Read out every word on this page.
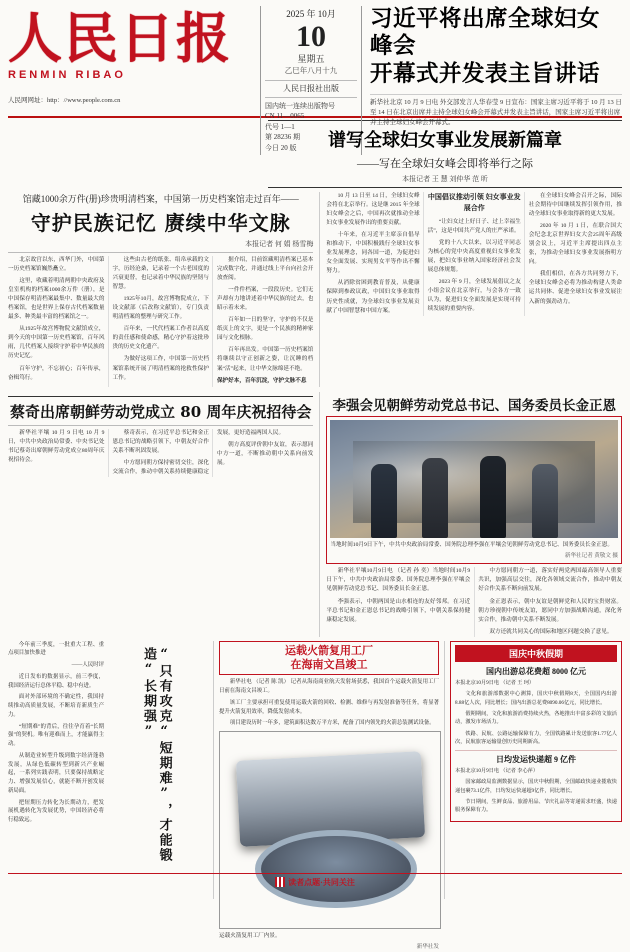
人民日报
RENMIN RIBAO
人民网网址：http：//www.people.com.cn
2025 年 10月
10
星期五
乙巳年八月十九
人民日报社出版
国内统一连续出版物号
CN 11—0065
代号 1—1
第 28236 期
今日 20 版
习近平将出席全球妇女峰会
开幕式并发表主旨讲话
新华社北京 10 月 9 日电 外交部发言人华春莹 9 日宣布：国家主席习近平将于 10 月 13 日至 14 日在北京出席并主持全球妇女峰会开幕式并发表主旨讲话，国家主席习近平将出席并主持全球妇女峰会开幕式。
谱写全球妇女事业发展新篇章
——写在全球妇女峰会即将举行之际
本报记者 王 慧 刘仲华 范 昕
馆藏1000余万件(册)珍贵明清档案，中国第一历史档案馆走过百年——
守护民族记忆 赓续中华文脉
本报记者 何 娟 杨雪梅

北京故宫以东，西华门外，中国第一历史档案馆巍然矗立。

这里，收藏着明清两朝中央政府及皇室机构的档案1000余万件（册），是中国保存明清档案最集中、数量最大的档案馆，也是世界上保存古代档案数量最多、种类最丰富的档案馆之一。

从1925年故宫博物院文献馆成立，到今天的中国第一历史档案馆，百年风雨，几代档案人接续守护着中华民族的历史记忆。

百年守护，不忘初心；百年传承，奋楫笃行。

这些由古老的纸张、绢帛承载的文字，历经沧桑，记录着一个古老国度的兴衰更替，也记录着中华民族的坚韧与智慧。

1925年10月，故宫博物院成立，下设文献部（后改称文献馆），专门负责明清档案的整理与研究工作。

百年来，一代代档案工作者以高度的责任感和使命感，精心守护着这批珍贵的历史文化遗产。

为做好这项工作，中国第一历史档案馆系统开展了明清档案的抢救性保护工作。

据介绍，目前馆藏明清档案已基本完成数字化，并通过线上平台向社会开放查阅。

一件件档案，一段段历史。它们无声却有力地讲述着中华民族的过去，也昭示着未来。

百年如一日的坚守，守护的不仅是纸页上的文字，更是一个民族的精神家园与文化根脉。

百年再出发。中国第一历史档案馆将继续以守正创新之姿，让沉睡的档案“活”起来，让中华文脉绵延不绝。

保护好本，百年沉淀，守护文脉不息

10 月 13 日至 14 日，全球妇女峰会将在北京举行。这是继 2015 年全球妇女峰会之后，中国再次就推动全球妇女事业发展作出的重要贡献。

十年来，在习近平主席亲自倡导和推动下，中国积极践行全球妇女事业发展理念，同各国一道，为促进妇女全面发展、实现男女平等作出不懈努力。

从消除贫困到教育普及，从健康保障到参政议政，中国妇女事业取得历史性成就，为全球妇女事业发展贡献了中国智慧和中国方案。

中国倡议推动引领 妇女事业发展合作

“让妇女过上好日子、过上幸福生活”，这是中国共产党人的庄严承诺。

党的十八大以来，以习近平同志为核心的党中央高度重视妇女事业发展，把妇女事业纳入国家经济社会发展总体规划。

2023 年 9 月，全球发展倡议之友小组会议在北京举行，与会各方一致认为，促进妇女全面发展是实现可持续发展的重要内容。

在全球妇女峰会召开之际，国际社会期待中国继续发挥引领作用，推动全球妇女事业取得新的更大发展。

2020 年 10 月 1 日，在联合国大会纪念北京世界妇女大会25周年高级别会议上，习近平主席提出四点主张，为推动全球妇女事业发展指明方向。

我们相信，在各方共同努力下，全球妇女峰会必将为推动构建人类命运共同体、促进全球妇女事业发展注入新的强劲动力。

蔡奇出席朝鲜劳动党成立 80 周年庆祝招待会

新华社平壤 10 月 9 日电 10 月 9 日，中共中央政治局常委、中央书记处书记蔡奇出席朝鲜劳动党成立80周年庆祝招待会。

蔡奇表示，在习近平总书记和金正恩总书记的战略引领下，中朝友好合作关系不断巩固发展。

中方愿同朝方保持密切交往，深化交流合作，推动中朝关系持续健康稳定发展，更好造福两国人民。

朝方高度评价朝中友谊，表示愿同中方一道，不断推动朝中关系向前发展。

李强会见朝鲜劳动党总书记、国务委员长金正恩
当地时间10月9日下午，中共中央政治局常委、国务院总理李强在平壤会见朝鲜劳动党总书记、国务委员长金正恩。
新华社记者 黄敬文 摄

新华社平壤10月9日电 （记者 孙 奕）当地时间10月9日下午，中共中央政治局常委、国务院总理李强在平壤会见朝鲜劳动党总书记、国务委员长金正恩。

李强表示，中朝两国是山水相连的友好邻邦。在习近平总书记和金正恩总书记的战略引领下，中朝关系保持健康稳定发展。

中方愿同朝方一道，落实好两党两国最高领导人重要共识，加强高层交往，深化各领域交流合作，推动中朝友好合作关系不断向前发展。

金正恩表示，朝中友谊是朝鲜党和人民的宝贵财富。朝方珍视朝中传统友谊，愿同中方加强战略沟通，深化务实合作，推动朝中关系不断发展。

双方还就共同关心的国际和地区问题交换了意见。

今年前三季度，一批重大工程、重点项目加快推进

——人民时评

近日发布的数据显示，前三季度，我国经济运行总体平稳、稳中有进。

面对外部环境的不确定性，我国持续推动高质量发展，不断培育新质生产力。

“短期难”的背后，往往孕育着“长期强”的契机。唯有迎难而上，才能赢得主动。

从制造业转型升级到数字经济蓬勃发展，从绿色低碳转型到新兴产业崛起，一系列实践表明，只要保持战略定力、增强发展信心，就能不断开创发展新局面。

把短期压力转化为长期动力，把发展机遇转化为发展优势，中国经济必将行稳致远。	“只有攻克“短期难”，才能锻造“长期强”	运载火箭复用工厂
在海南文昌竣工

新华社电 （记者 陈 凯） 记者从海南商业航天发射场获悉，我国首个运载火箭复用工厂日前在海南文昌竣工。

该工厂主要承担可重复使用运载火箭的回收、检测、维修与再发射准备等任务，将显著提升火箭复用效率，降低发射成本。

项目建设历时一年多，建筑面积达数万平方米，配备了国内领先的火箭总装测试设备。

运载火箭复用工厂内景。
新华社发
国庆中秋假期
国内出游总花费超 8000 亿元

本报北京10月9日电 （记者 王 珂）

文化和旅游部数据中心测算，国庆中秋假期8天，全国国内出游8.88亿人次，同比增长；国内出游总花费8090.06亿元，同比增长。

假期期间，文化和旅游消费持续火热，各地推出丰富多彩的文旅活动，激发市场活力。

铁路、民航、公路运输保障有力，全国铁路累计发送旅客1.77亿人次，民航旅客运输量创历史同期新高。

日均发运快递超 9 亿件

本报北京10月9日电 （记者 李心萍）

国家邮政局监测数据显示，国庆中秋假期，全国邮政快递业揽收快递包裹73.1亿件，日均发运快递超9亿件，同比增长。

节日期间，生鲜食品、旅游用品、节庆礼品等寄递需求旺盛，快递服务保障有力。

读者点题·共同关注
